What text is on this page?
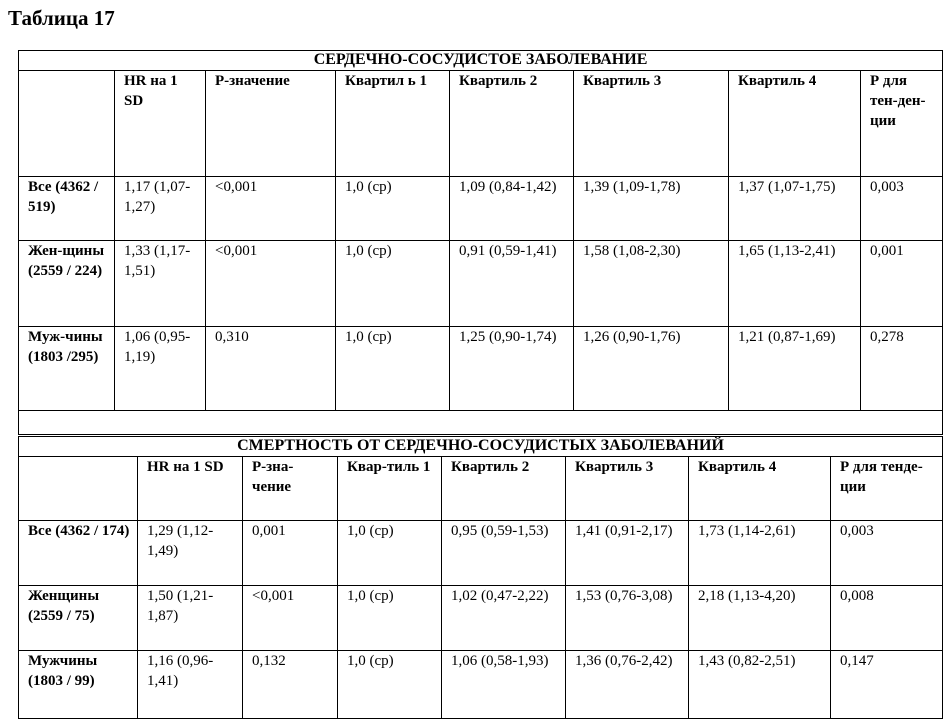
Таблица 17
СЕРДЕЧНО-СОСУДИСТОЕ ЗАБОЛЕВАНИЕ							
	HR на 1 SD	Р-значение	Квартил ь 1	Квартиль 2	Квартиль 3	Квартиль 4	Р для тен-ден-ции
Все (4362 / 519)	1,17 (1,07-1,27)	<0,001	1,0 (ср)	1,09 (0,84-1,42)	1,39 (1,09-1,78)	1,37 (1,07-1,75)	0,003
Жен-щины (2559 / 224)	1,33 (1,17-1,51)	<0,001	1,0 (ср)	0,91 (0,59-1,41)	1,58 (1,08-2,30)	1,65 (1,13-2,41)	0,001
Муж-чины (1803 /295)	1,06 (0,95-1,19)	0,310	1,0 (ср)	1,25 (0,90-1,74)	1,26 (0,90-1,76)	1,21 (0,87-1,69)	0,278

СМЕРТНОСТЬ ОТ СЕРДЕЧНО-СОСУДИСТЫХ ЗАБОЛЕВАНИЙ							
	HR на 1 SD	Р-зна-чение	Квар-тиль 1	Квартиль 2	Квартиль 3	Квартиль 4	Р для тенде-ции
Все (4362 / 174)	1,29 (1,12-1,49)	0,001	1,0 (ср)	0,95 (0,59-1,53)	1,41 (0,91-2,17)	1,73 (1,14-2,61)	0,003
Женщины (2559 / 75)	1,50 (1,21-1,87)	<0,001	1,0 (ср)	1,02 (0,47-2,22)	1,53 (0,76-3,08)	2,18 (1,13-4,20)	0,008
Мужчины (1803 / 99)	1,16 (0,96-1,41)	0,132	1,0 (ср)	1,06 (0,58-1,93)	1,36 (0,76-2,42)	1,43 (0,82-2,51)	0,147
